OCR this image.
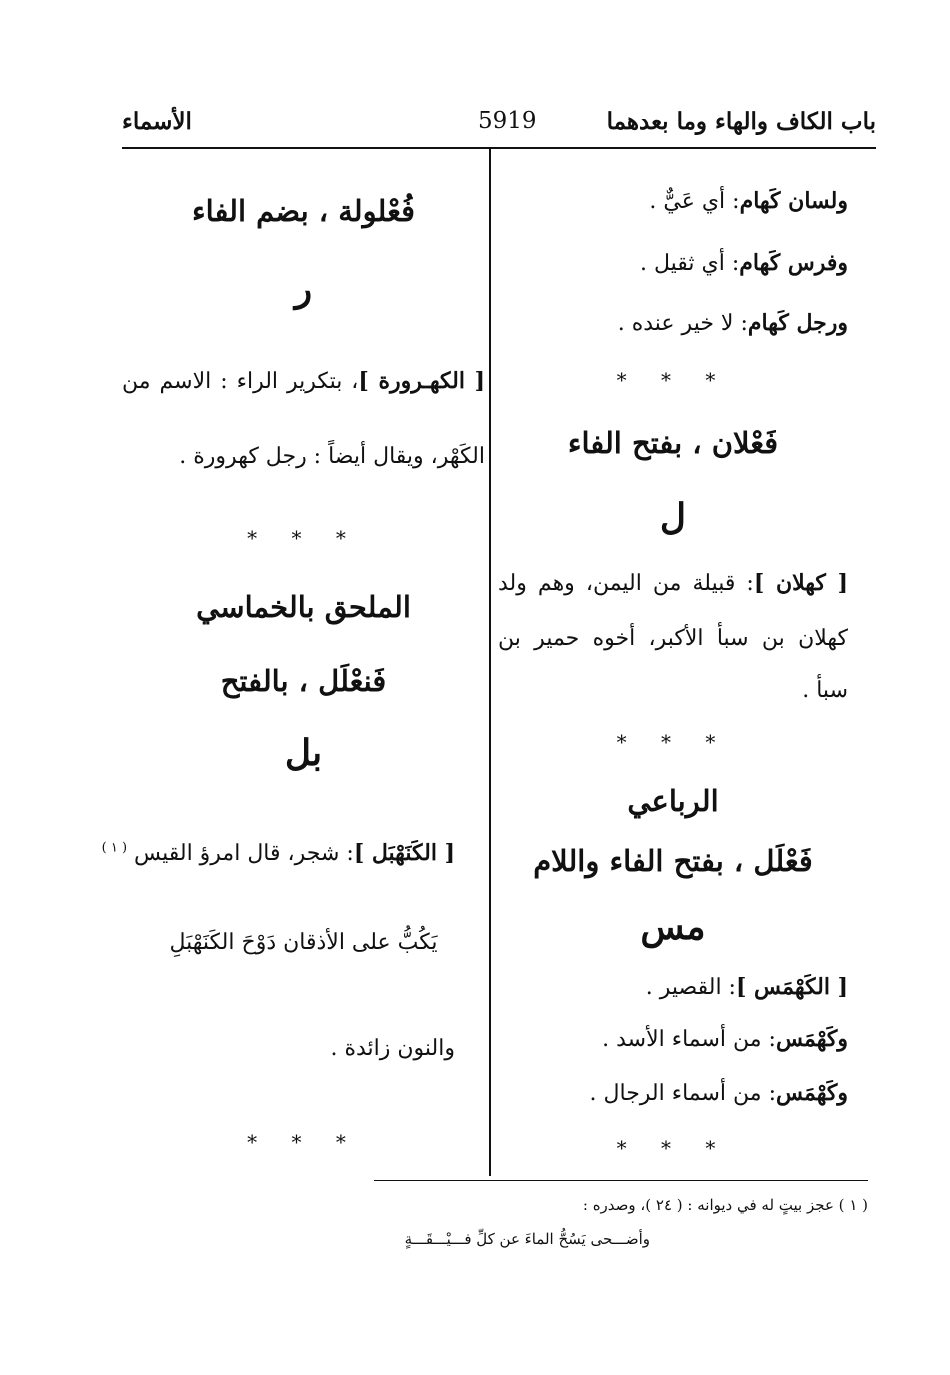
باب الكاف والهاء وما بعدهما
5919
الأسماء
ولسان كَهام: أي عَيٌّ .
وفرس كَهام: أي ثقيل .
ورجل كَهام: لا خير عنده .
* * *
فَعْلان ، بفتح الفاء
ل
[ كهلان ]: قبيلة من اليمن، وهم ولد
كهلان بن سبأ الأكبر، أخوه حمير بن
سبأ .
* * *
الرباعي
فَعْلَل ، بفتح الفاء واللام
مس
[ الكَهْمَس ]: القصير .
وكَهْمَس: من أسماء الأسد .
وكَهْمَس: من أسماء الرجال .
* * *
فُعْلولة ، بضم الفاء
ر
[ الكهـرورة ]، بتكرير الراء : الاسم من
الكَهْر، ويقال أيضاً : رجل كهرورة .
* * *
الملحق بالخماسي
فَنعْلَل ، بالفتح
بل
[ الكَنَهْبَل ]: شجر، قال امرؤ القيس $^{( ١ )}$
يَكُبُّ على الأذقان دَوْحَ الكَنَهْبَلِ
والنون زائدة .
* * *
( ١ ) عجز بيتٍ له في ديوانه : ( ٢٤ )، وصدره :
وأضـــحى يَسُحُّ الماءَ عن كلِّ فـــيْـــقَـــةٍ
